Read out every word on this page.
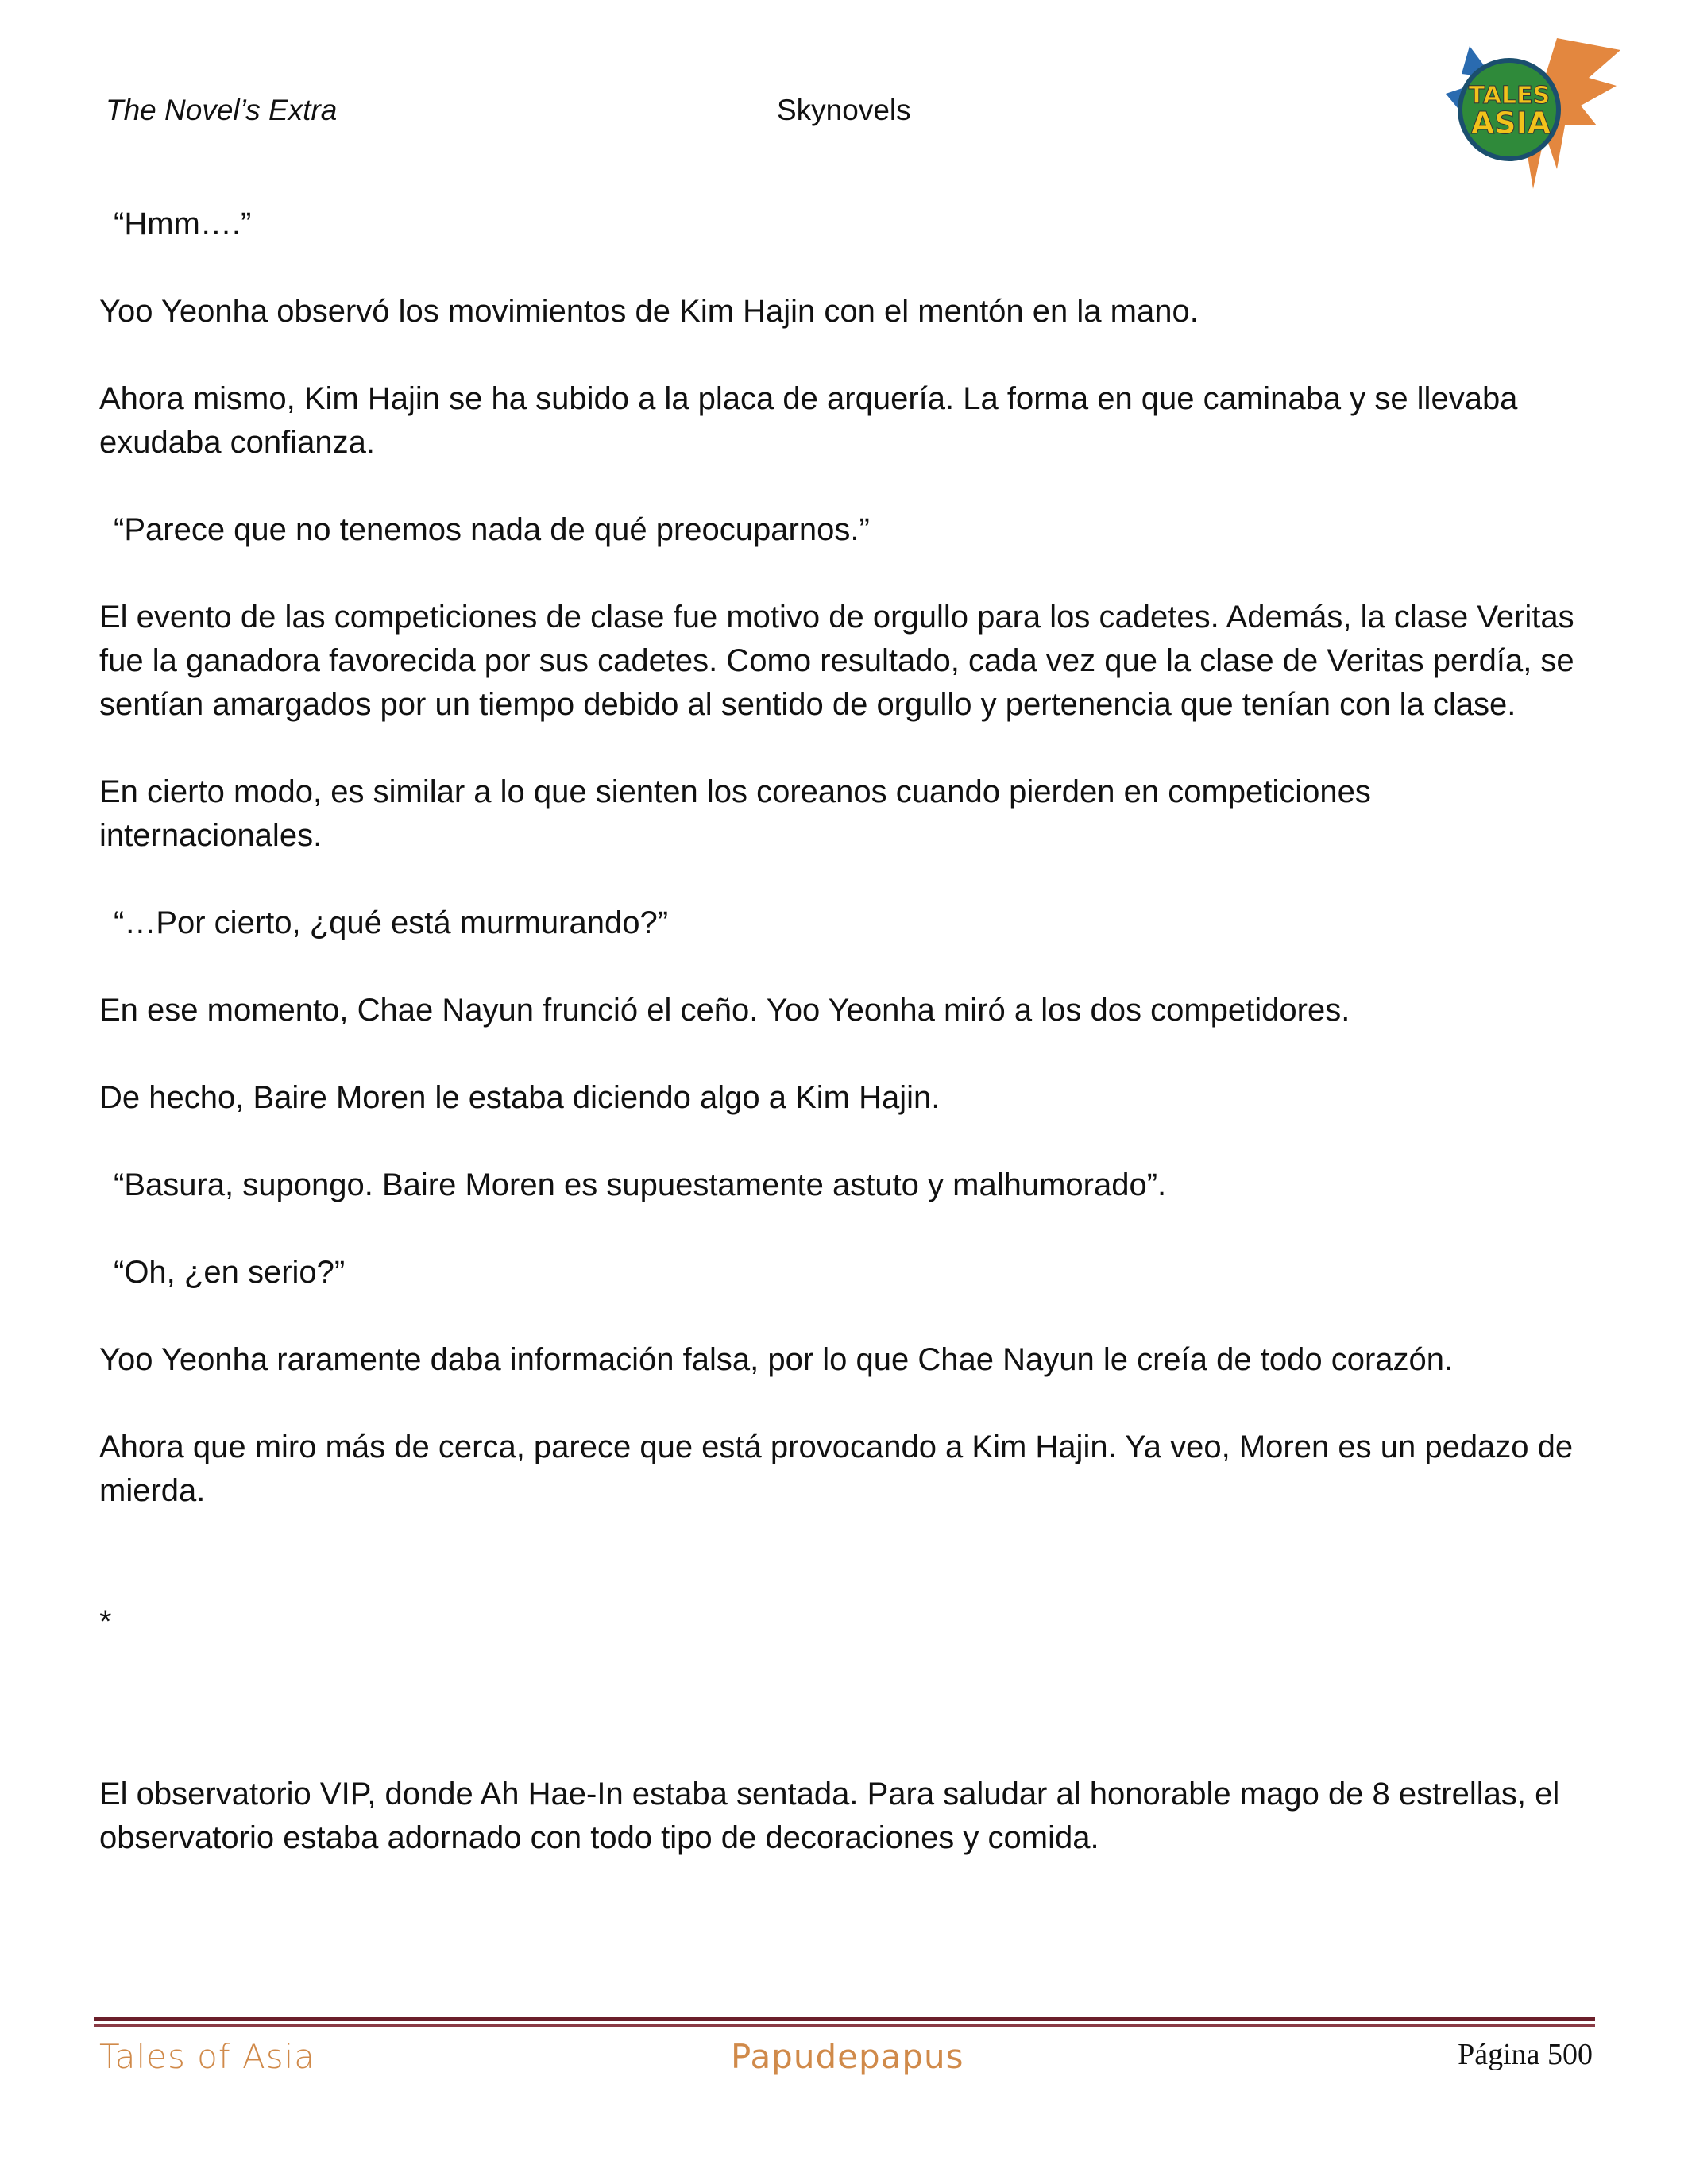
The Novel’s Extra	Skynovels	TALES
ASIA

“Hmm….”

Yoo Yeonha observó los movimientos de Kim Hajin con el mentón en la mano.

Ahora mismo, Kim Hajin se ha subido a la placa de arquería. La forma en que caminaba y se llevaba exudaba confianza.

“Parece que no tenemos nada de qué preocuparnos.”

El evento de las competiciones de clase fue motivo de orgullo para los cadetes. Además, la clase Veritas fue la ganadora favorecida por sus cadetes. Como resultado, cada vez que la clase de Veritas perdía, se sentían amargados por un tiempo debido al sentido de orgullo y pertenencia que tenían con la clase.

En cierto modo, es similar a lo que sienten los coreanos cuando pierden en competiciones internacionales.

“…Por cierto, ¿qué está murmurando?”

En ese momento, Chae Nayun frunció el ceño. Yoo Yeonha miró a los dos competidores.

De hecho, Baire Moren le estaba diciendo algo a Kim Hajin.

“Basura, supongo. Baire Moren es supuestamente astuto y malhumorado”.

“Oh, ¿en serio?”

Yoo Yeonha raramente daba información falsa, por lo que Chae Nayun le creía de todo corazón.

Ahora que miro más de cerca, parece que está provocando a Kim Hajin. Ya veo, Moren es un pedazo de mierda.

*

El observatorio VIP, donde Ah Hae-In estaba sentada. Para saludar al honorable mago de 8 estrellas, el observatorio estaba adornado con todo tipo de decoraciones y comida.

Tales of Asia	Papudepapus	Página 500
